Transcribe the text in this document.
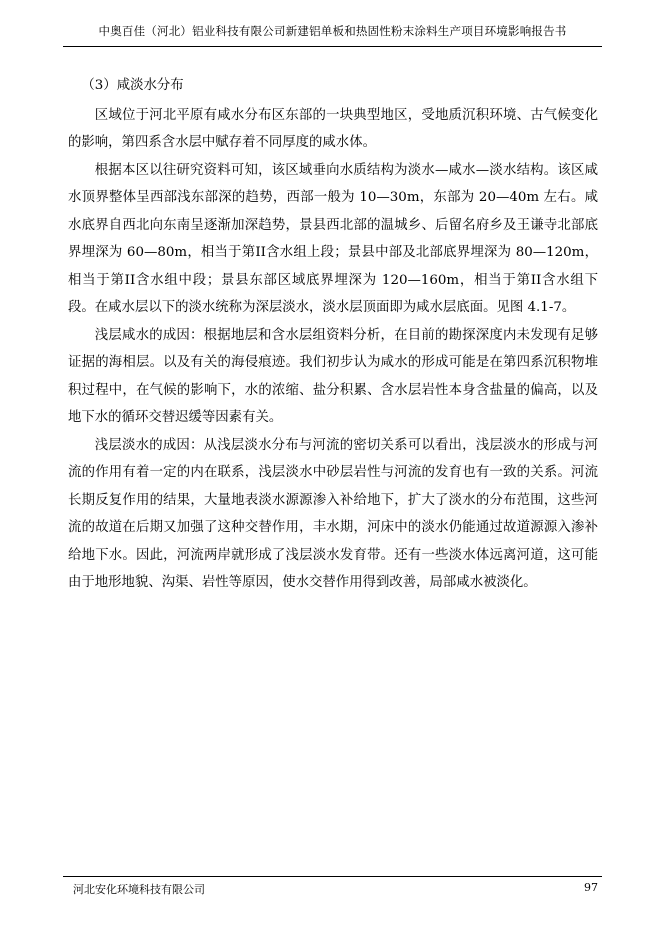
中奥百佳（河北）铝业科技有限公司新建铝单板和热固性粉末涂料生产项目环境影响报告书

（3）咸淡水分布

区域位于河北平原有咸水分布区东部的一块典型地区，受地质沉积环境、古气候变化的影响，第四系含水层中赋存着不同厚度的咸水体。

根据本区以往研究资料可知，该区域垂向水质结构为淡水—咸水—淡水结构。该区咸水顶界整体呈西部浅东部深的趋势，西部一般为 10—30m，东部为 20—40m 左右。咸水底界自西北向东南呈逐渐加深趋势，景县西北部的温城乡、后留名府乡及王谦寺北部底界埋深为 60—80m，相当于第II含水组上段；景县中部及北部底界埋深为 80—120m，相当于第II含水组中段；景县东部区域底界埋深为 120—160m，相当于第II含水组下段。在咸水层以下的淡水统称为深层淡水，淡水层顶面即为咸水层底面。见图 4.1-7。

浅层咸水的成因：根据地层和含水层组资料分析，在目前的勘探深度内未发现有足够证据的海相层。以及有关的海侵痕迹。我们初步认为咸水的形成可能是在第四系沉积物堆积过程中，在气候的影响下，水的浓缩、盐分积累、含水层岩性本身含盐量的偏高，以及地下水的循环交替迟缓等因素有关。

浅层淡水的成因：从浅层淡水分布与河流的密切关系可以看出，浅层淡水的形成与河流的作用有着一定的内在联系，浅层淡水中砂层岩性与河流的发育也有一致的关系。河流长期反复作用的结果，大量地表淡水源源渗入补给地下，扩大了淡水的分布范围，这些河流的故道在后期又加强了这种交替作用，丰水期，河床中的淡水仍能通过故道源源入渗补给地下水。因此，河流两岸就形成了浅层淡水发育带。还有一些淡水体远离河道，这可能由于地形地貌、沟渠、岩性等原因，使水交替作用得到改善，局部咸水被淡化。

河北安化环境科技有限公司	97
